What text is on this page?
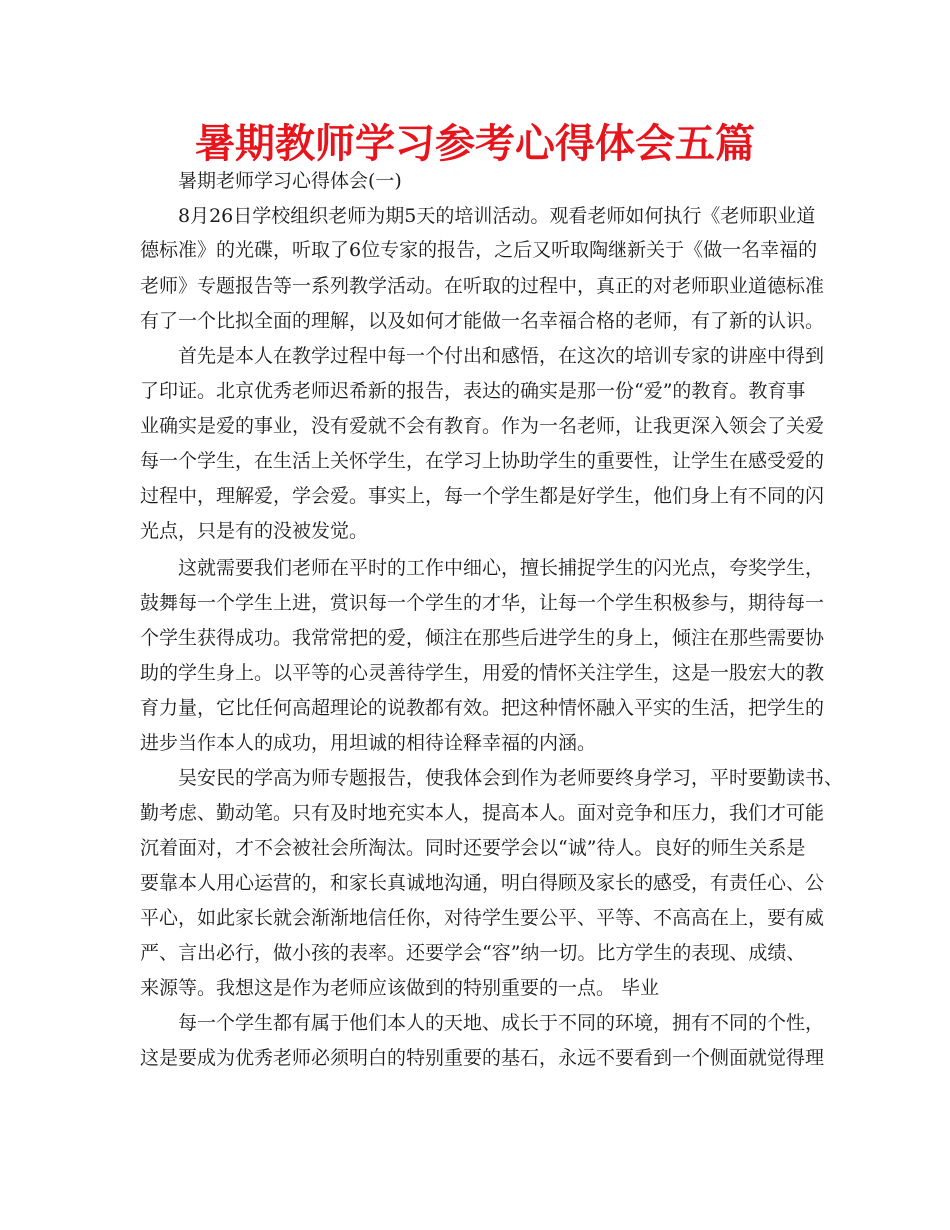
暑期教师学习参考心得体会五篇
暑期老师学习心得体会(一)
8月26日学校组织老师为期5天的培训活动。观看老师如何执行《老师职业道
德标准》的光碟，听取了6位专家的报告，之后又听取陶继新关于《做一名幸福的
老师》专题报告等一系列教学活动。在听取的过程中，真正的对老师职业道德标准
有了一个比拟全面的理解，以及如何才能做一名幸福合格的老师，有了新的认识。
首先是本人在教学过程中每一个付出和感悟，在这次的培训专家的讲座中得到
了印证。北京优秀老师迟希新的报告，表达的确实是那一份“爱”的教育。教育事
业确实是爱的事业，没有爱就不会有教育。作为一名老师，让我更深入领会了关爱
每一个学生，在生活上关怀学生，在学习上协助学生的重要性，让学生在感受爱的
过程中，理解爱，学会爱。事实上，每一个学生都是好学生，他们身上有不同的闪
光点，只是有的没被发觉。
这就需要我们老师在平时的工作中细心，擅长捕捉学生的闪光点，夸奖学生，
鼓舞每一个学生上进，赏识每一个学生的才华，让每一个学生积极参与，期待每一
个学生获得成功。我常常把的爱，倾注在那些后进学生的身上，倾注在那些需要协
助的学生身上。以平等的心灵善待学生，用爱的情怀关注学生，这是一股宏大的教
育力量，它比任何高超理论的说教都有效。把这种情怀融入平实的生活，把学生的
进步当作本人的成功，用坦诚的相待诠释幸福的内涵。
吴安民的学高为师专题报告，使我体会到作为老师要终身学习，平时要勤读书、
勤考虑、勤动笔。只有及时地充实本人，提高本人。面对竞争和压力，我们才可能
沉着面对，才不会被社会所淘汰。同时还要学会以“诚”待人。良好的师生关系是
要靠本人用心运营的，和家长真诚地沟通，明白得顾及家长的感受，有责任心、公
平心，如此家长就会渐渐地信任你，对待学生要公平、平等、不高高在上，要有威
严、言出必行，做小孩的表率。还要学会“容”纳一切。比方学生的表现、成绩、
来源等。我想这是作为老师应该做到的特别重要的一点。 毕业
每一个学生都有属于他们本人的天地、成长于不同的环境，拥有不同的个性，
这是要成为优秀老师必须明白的特别重要的基石，永远不要看到一个侧面就觉得理
